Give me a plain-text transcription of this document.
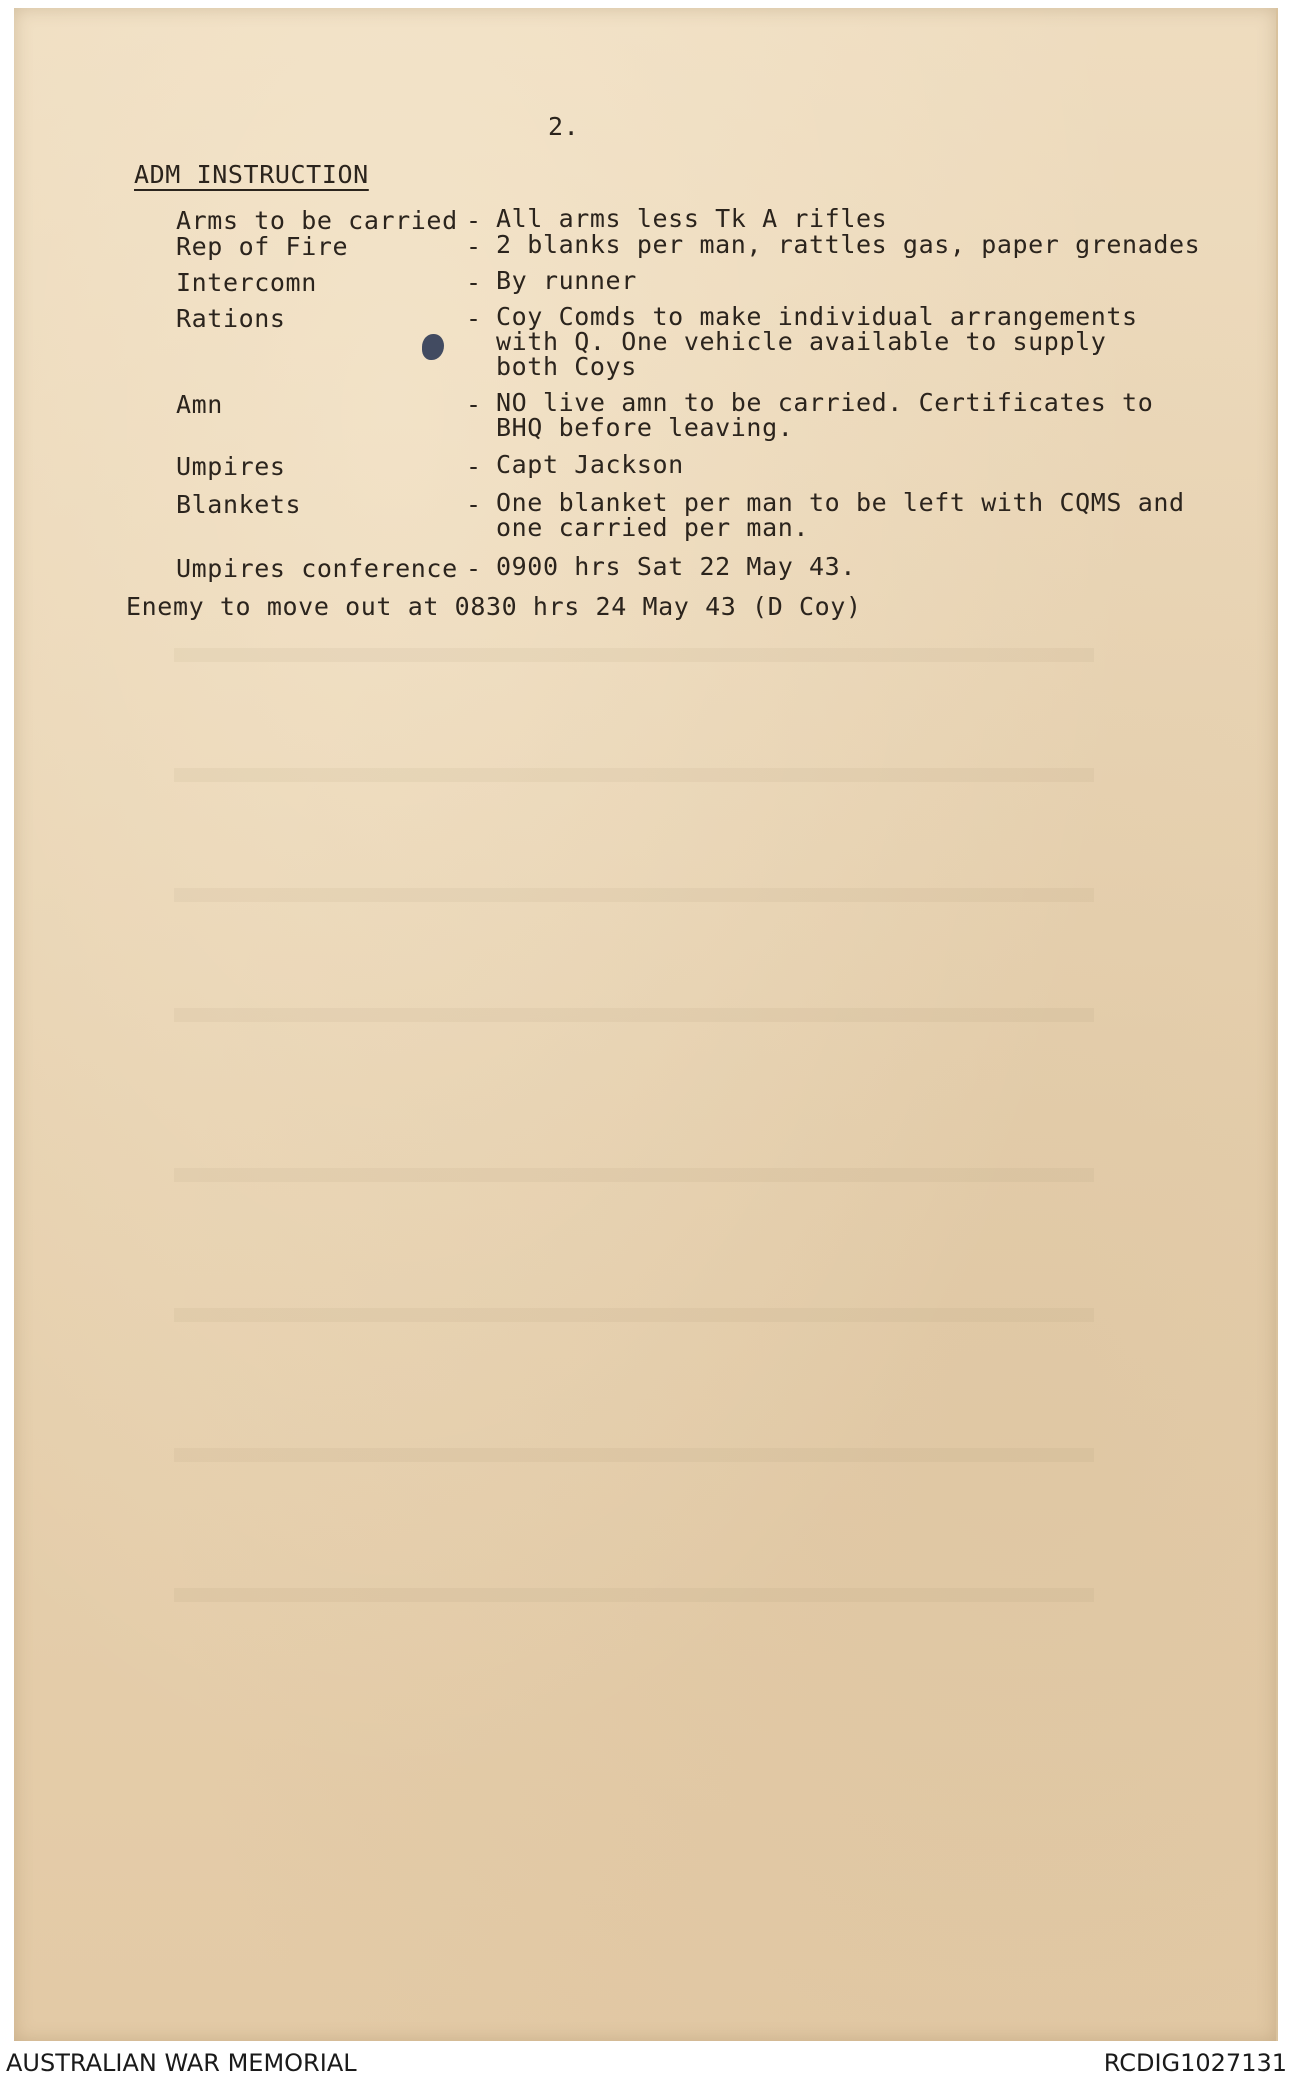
2.
ADM INSTRUCTION
Arms to be carried - All arms less Tk A rifles
Rep of Fire	- 2 blanks per man, rattles gas, paper grenades
Intercomn	- By runner
Rations	- Coy Comds to make individual arrangements
with Q. One vehicle available to supply
both Coys
Amn	- NO live amn to be carried. Certificates to
BHQ before leaving.
Umpires	- Capt Jackson
Blankets	- One blanket per man to be left with CQMS and
one carried per man.
Umpires conference - 0900 hrs Sat 22 May 43.
Enemy to move out at 0830 hrs 24 May 43 (D Coy)
AUSTRALIAN WAR MEMORIAL	RCDIG1027131
